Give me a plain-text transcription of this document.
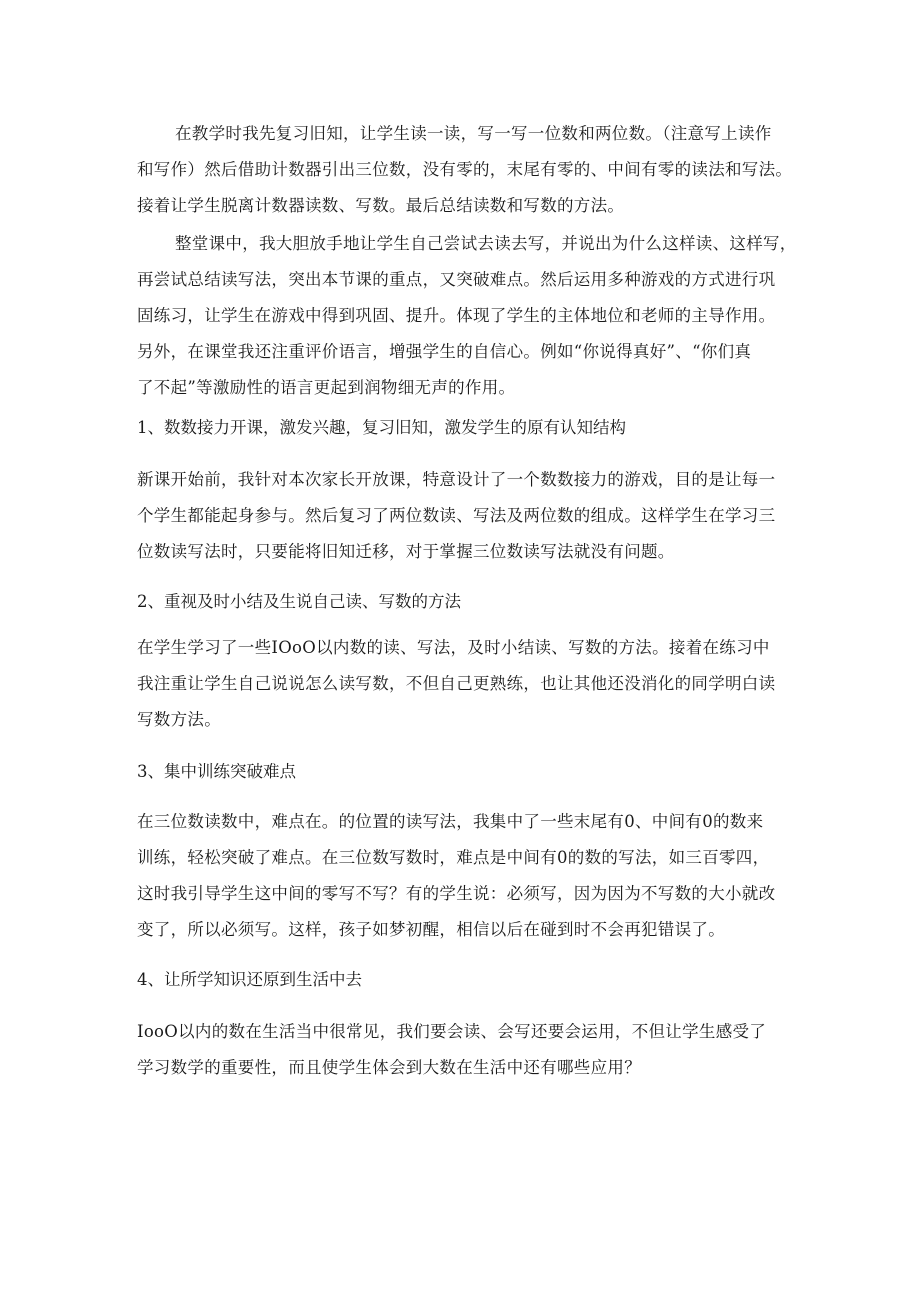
在教学时我先复习旧知，让学生读一读，写一写一位数和两位数。（注意写上读作
和写作）然后借助计数器引出三位数，没有零的，末尾有零的、中间有零的读法和写法。
接着让学生脱离计数器读数、写数。最后总结读数和写数的方法。
整堂课中，我大胆放手地让学生自己尝试去读去写，并说出为什么这样读、这样写，
再尝试总结读写法，突出本节课的重点，又突破难点。然后运用多种游戏的方式进行巩
固练习，让学生在游戏中得到巩固、提升。体现了学生的主体地位和老师的主导作用。
另外，在课堂我还注重评价语言，增强学生的自信心。例如“你说得真好”、“你们真
了不起”等激励性的语言更起到润物细无声的作用。

1、数数接力开课，激发兴趣，复习旧知，激发学生的原有认知结构

新课开始前，我针对本次家长开放课，特意设计了一个数数接力的游戏，目的是让每一
个学生都能起身参与。然后复习了两位数读、写法及两位数的组成。这样学生在学习三
位数读写法时，只要能将旧知迁移，对于掌握三位数读写法就没有问题。

2、重视及时小结及生说自己读、写数的方法

在学生学习了一些IOoO以内数的读、写法，及时小结读、写数的方法。接着在练习中
我注重让学生自己说说怎么读写数，不但自己更熟练，也让其他还没消化的同学明白读
写数方法。

3、集中训练突破难点

在三位数读数中，难点在。的位置的读写法，我集中了一些末尾有0、中间有0的数来
训练，轻松突破了难点。在三位数写数时，难点是中间有0的数的写法，如三百零四，
这时我引导学生这中间的零写不写？有的学生说：必须写，因为因为不写数的大小就改
变了，所以必须写。这样，孩子如梦初醒，相信以后在碰到时不会再犯错误了。

4、让所学知识还原到生活中去

IooO以内的数在生活当中很常见，我们要会读、会写还要会运用，不但让学生感受了
学习数学的重要性，而且使学生体会到大数在生活中还有哪些应用？
